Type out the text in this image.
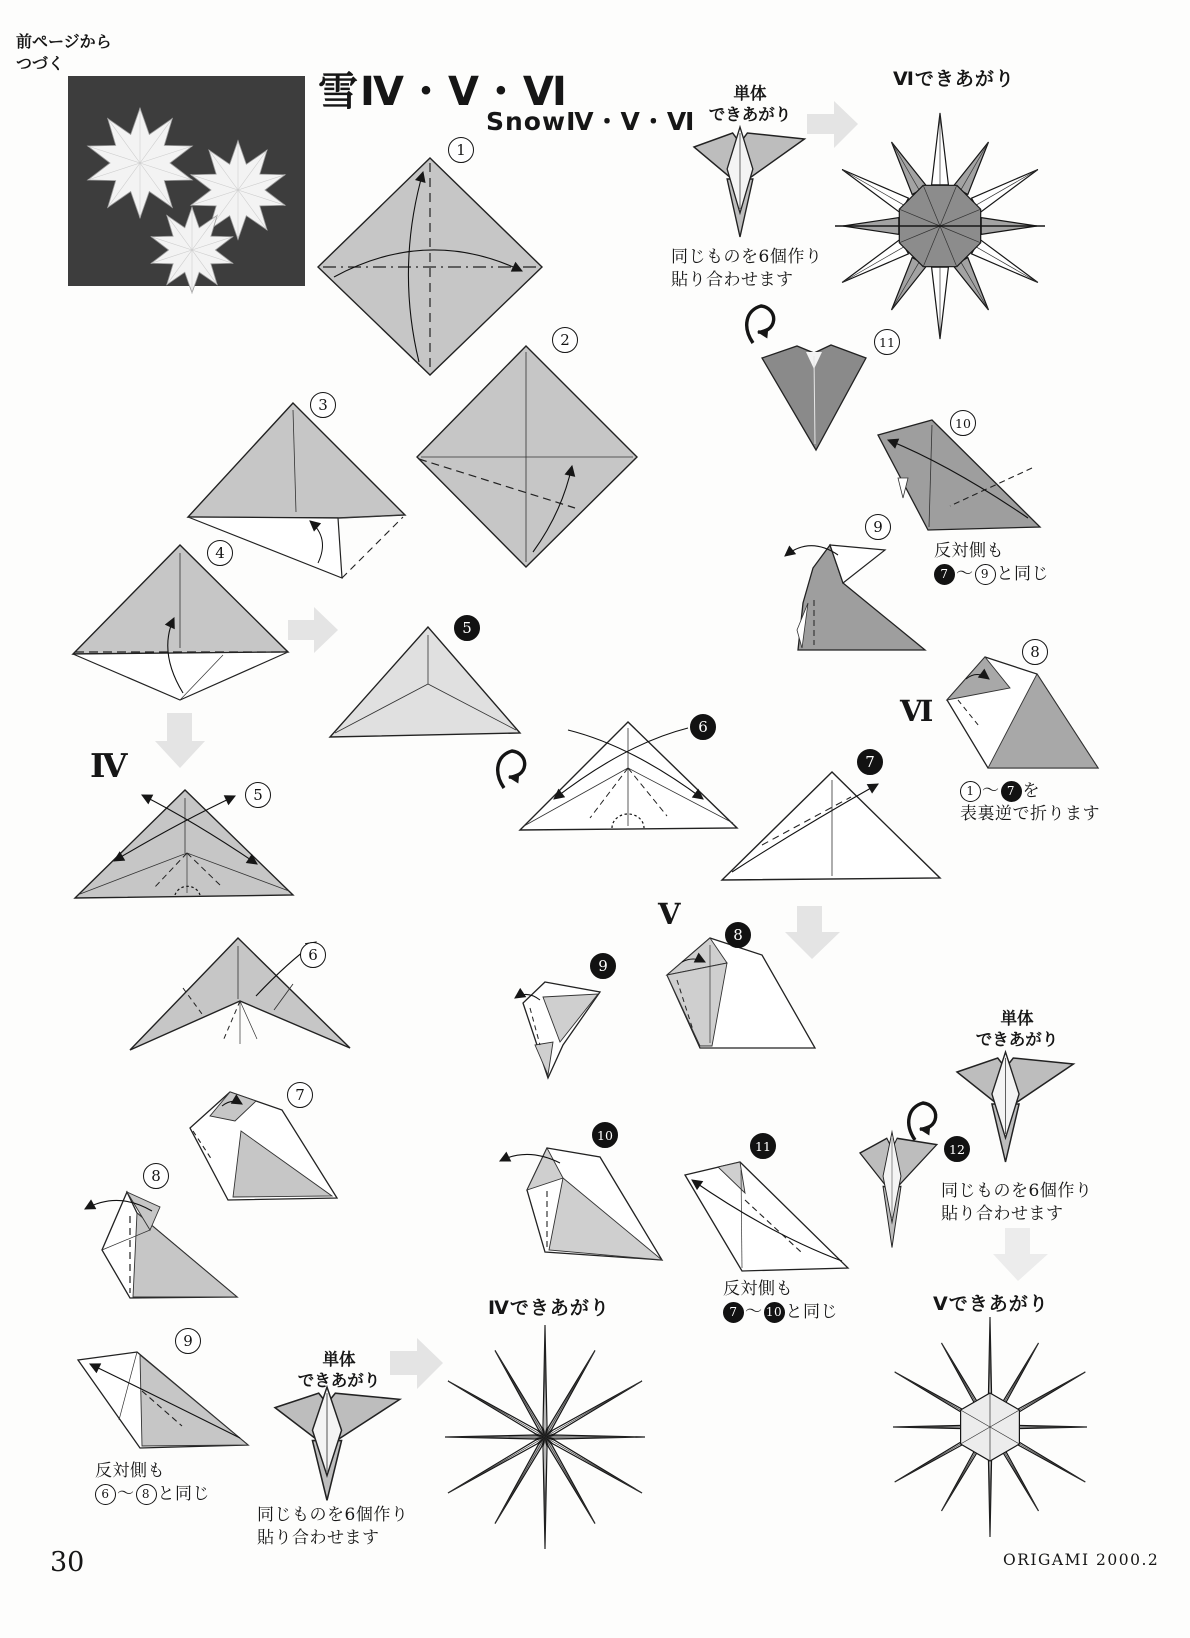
前ページから
つづく
雪Ⅳ・Ⅴ・Ⅵ
SnowⅣ・Ⅴ・Ⅵ
単体
できあがり
Ⅵできあがり
同じものを6個作り
貼り合わせます
反対側も
7 〜 9 と同じ
Ⅵ
1 〜 7 を
表裏逆で折ります
Ⅳ
反対側も
6 〜 8 と同じ
単体
できあがり
同じものを6個作り
貼り合わせます
Ⅳできあがり
Ⅴ
反対側も
7 〜 10 と同じ
単体
できあがり
同じものを6個作り
貼り合わせます
Ⅴできあがり
ORIGAMI 2000.2
30
1
2
3
4
5
6
7
8
9
10
11
5
6
7
8
9
8
9
10
11	12
